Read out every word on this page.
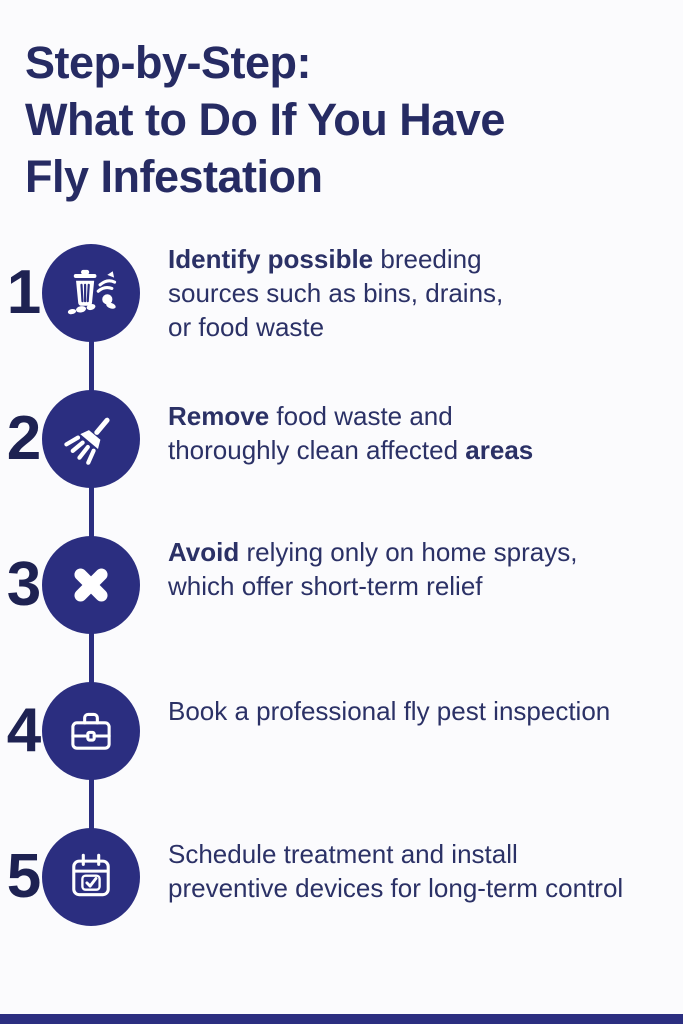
Step-by-Step:
What to Do If You Have
Fly Infestation
1	Identify possible breeding
sources such as bins, drains,
or food waste
2	Remove food waste and
thoroughly clean affected areas
3	Avoid relying only on home sprays,
which offer short-term relief
4	Book a professional fly pest inspection
5	Schedule treatment and install
preventive devices for long-term control
